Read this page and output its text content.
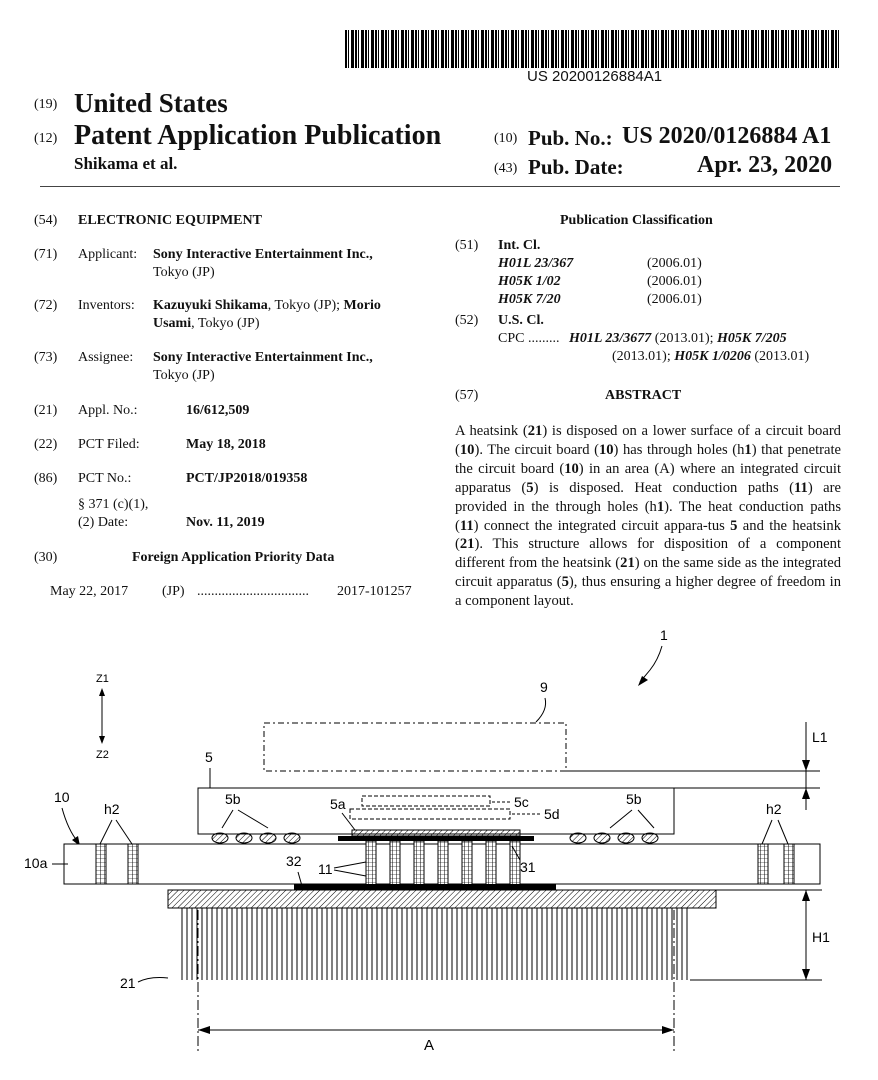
US 20200126884A1
(19) United States
(12) Patent Application Publication
Shikama et al.
(10) Pub. No.: US 2020/0126884 A1
(43) Pub. Date:	Apr. 23, 2020
(54) ELECTRONIC EQUIPMENT
(71) Applicant: Sony Interactive Entertainment Inc.,
Tokyo (JP)
(72) Inventors: Kazuyuki Shikama, Tokyo (JP); Morio
Usami, Tokyo (JP)
(73) Assignee: Sony Interactive Entertainment Inc.,
Tokyo (JP)
(21) Appl. No.:	16/612,509
(22) PCT Filed:	May 18, 2018
(86) PCT No.:	PCT/JP2018/019358
§ 371 (c)(1),
(2) Date:	Nov. 11, 2019
(30)	Foreign Application Priority Data
May 22, 2017 (JP) ................................ 2017-101257
Publication Classification
(51) Int. Cl.
H01L 23/367	(2006.01)
H05K 1/02	(2006.01)
H05K 7/20	(2006.01)
(52) U.S. Cl.
CPC ......... H01L 23/3677 (2013.01); H05K 7/205
(2013.01); H05K 1/0206 (2013.01)
(57)	ABSTRACT
A heatsink (21) is disposed on a lower surface of a circuit board (10). The circuit board (10) has through holes (h1) that penetrate the circuit board (10) in an area (A) where an integrated circuit apparatus (5) is disposed. Heat conduction paths (11) are provided in the through holes (h1). The heat conduction paths (11) connect the integrated circuit appara-tus 5 and the heatsink (21). This structure allows for disposition of a component different from the heatsink (21) on the same side as the integrated circuit apparatus (5), thus ensuring a higher degree of freedom in a component layout.
1
Z1
Z2
9
L1
5
5c
5d
5a
5b	5b
10
10a
h2	h2
11	31
32
21
H1
A
